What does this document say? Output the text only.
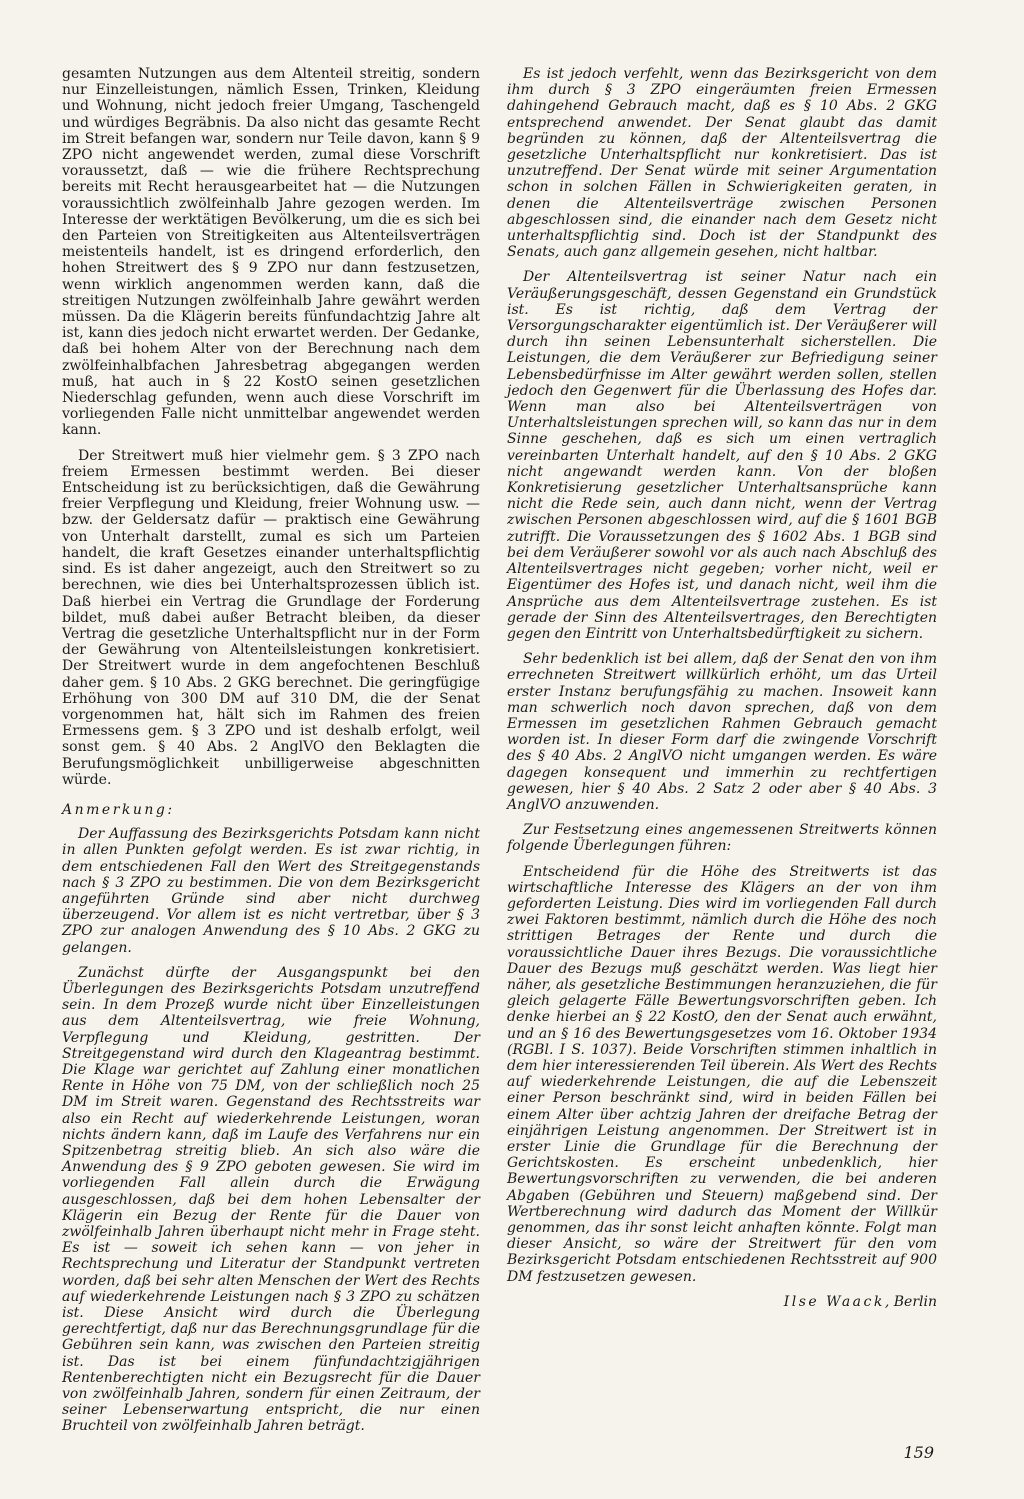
gesamten Nutzungen aus dem Altenteil streitig, sondern nur Einzelleistungen, nämlich Essen, Trinken, Kleidung und Wohnung, nicht jedoch freier Umgang, Taschengeld und würdiges Begräbnis. Da also nicht das gesamte Recht im Streit befangen war, sondern nur Teile davon, kann § 9 ZPO nicht angewendet werden, zumal diese Vorschrift voraussetzt, daß — wie die frühere Rechtsprechung bereits mit Recht herausgearbeitet hat — die Nutzungen voraussichtlich zwölfeinhalb Jahre gezogen werden. Im Interesse der werktätigen Bevölkerung, um die es sich bei den Parteien von Streitigkeiten aus Altenteilsverträgen meistenteils handelt, ist es dringend erforderlich, den hohen Streitwert des § 9 ZPO nur dann festzusetzen, wenn wirklich angenommen werden kann, daß die streitigen Nutzungen zwölfeinhalb Jahre gewährt werden müssen. Da die Klägerin bereits fünfundachtzig Jahre alt ist, kann dies jedoch nicht erwartet werden. Der Gedanke, daß bei hohem Alter von der Berechnung nach dem zwölfeinhalbfachen Jahresbetrag abgegangen werden muß, hat auch in § 22 KostO seinen gesetzlichen Niederschlag gefunden, wenn auch diese Vorschrift im vorliegenden Falle nicht unmittelbar angewendet werden kann.

Der Streitwert muß hier vielmehr gem. § 3 ZPO nach freiem Ermessen bestimmt werden. Bei dieser Entscheidung ist zu berücksichtigen, daß die Gewährung freier Verpflegung und Kleidung, freier Wohnung usw. — bzw. der Geldersatz dafür — praktisch eine Gewährung von Unterhalt darstellt, zumal es sich um Parteien handelt, die kraft Gesetzes einander unterhaltspflichtig sind. Es ist daher angezeigt, auch den Streitwert so zu berechnen, wie dies bei Unterhaltsprozessen üblich ist. Daß hierbei ein Vertrag die Grundlage der Forderung bildet, muß dabei außer Betracht bleiben, da dieser Vertrag die gesetzliche Unterhaltspflicht nur in der Form der Gewährung von Altenteilsleistungen konkretisiert. Der Streitwert wurde in dem angefochtenen Beschluß daher gem. § 10 Abs. 2 GKG berechnet. Die geringfügige Erhöhung von 300 DM auf 310 DM, die der Senat vorgenommen hat, hält sich im Rahmen des freien Ermessens gem. § 3 ZPO und ist deshalb erfolgt, weil sonst gem. § 40 Abs. 2 AnglVO den Beklagten die Berufungsmöglichkeit unbilligerweise abgeschnitten würde.

Anmerkung:

Der Auffassung des Bezirksgerichts Potsdam kann nicht in allen Punkten gefolgt werden. Es ist zwar richtig, in dem entschiedenen Fall den Wert des Streitgegenstands nach § 3 ZPO zu bestimmen. Die von dem Bezirksgericht angeführten Gründe sind aber nicht durchweg überzeugend. Vor allem ist es nicht vertretbar, über § 3 ZPO zur analogen Anwendung des § 10 Abs. 2 GKG zu gelangen.

Zunächst dürfte der Ausgangspunkt bei den Überlegungen des Bezirksgerichts Potsdam unzutreffend sein. In dem Prozeß wurde nicht über Einzelleistungen aus dem Altenteilsvertrag, wie freie Wohnung, Verpflegung und Kleidung, gestritten. Der Streitgegenstand wird durch den Klageantrag bestimmt. Die Klage war gerichtet auf Zahlung einer monatlichen Rente in Höhe von 75 DM, von der schließlich noch 25 DM im Streit waren. Gegenstand des Rechtsstreits war also ein Recht auf wiederkehrende Leistungen, woran nichts ändern kann, daß im Laufe des Verfahrens nur ein Spitzenbetrag streitig blieb. An sich also wäre die Anwendung des § 9 ZPO geboten gewesen. Sie wird im vorliegenden Fall allein durch die Erwägung ausgeschlossen, daß bei dem hohen Lebensalter der Klägerin ein Bezug der Rente für die Dauer von zwölfeinhalb Jahren überhaupt nicht mehr in Frage steht. Es ist — soweit ich sehen kann — von jeher in Rechtsprechung und Literatur der Standpunkt vertreten worden, daß bei sehr alten Menschen der Wert des Rechts auf wiederkehrende Leistungen nach § 3 ZPO zu schätzen ist. Diese Ansicht wird durch die Überlegung gerechtfertigt, daß nur das Berechnungsgrundlage für die Gebühren sein kann, was zwischen den Parteien streitig ist. Das ist bei einem fünfundachtzigjährigen Rentenberechtigten nicht ein Bezugsrecht für die Dauer von zwölfeinhalb Jahren, sondern für einen Zeitraum, der seiner Lebenserwartung entspricht, die nur einen Bruchteil von zwölfeinhalb Jahren beträgt.

Es ist jedoch verfehlt, wenn das Bezirksgericht von dem ihm durch § 3 ZPO eingeräumten freien Ermessen dahingehend Gebrauch macht, daß es § 10 Abs. 2 GKG entsprechend anwendet. Der Senat glaubt das damit begründen zu können, daß der Altenteilsvertrag die gesetzliche Unterhaltspflicht nur konkretisiert. Das ist unzutreffend. Der Senat würde mit seiner Argumentation schon in solchen Fällen in Schwierigkeiten geraten, in denen die Altenteilsverträge zwischen Personen abgeschlossen sind, die einander nach dem Gesetz nicht unterhaltspflichtig sind. Doch ist der Standpunkt des Senats, auch ganz allgemein gesehen, nicht haltbar.

Der Altenteilsvertrag ist seiner Natur nach ein Veräußerungsgeschäft, dessen Gegenstand ein Grundstück ist. Es ist richtig, daß dem Vertrag der Versorgungscharakter eigentümlich ist. Der Veräußerer will durch ihn seinen Lebensunterhalt sicherstellen. Die Leistungen, die dem Veräußerer zur Befriedigung seiner Lebensbedürfnisse im Alter gewährt werden sollen, stellen jedoch den Gegenwert für die Überlassung des Hofes dar. Wenn man also bei Altenteilsverträgen von Unterhaltsleistungen sprechen will, so kann das nur in dem Sinne geschehen, daß es sich um einen vertraglich vereinbarten Unterhalt handelt, auf den § 10 Abs. 2 GKG nicht angewandt werden kann. Von der bloßen Konkretisierung gesetzlicher Unterhaltsansprüche kann nicht die Rede sein, auch dann nicht, wenn der Vertrag zwischen Personen abgeschlossen wird, auf die § 1601 BGB zutrifft. Die Voraussetzungen des § 1602 Abs. 1 BGB sind bei dem Veräußerer sowohl vor als auch nach Abschluß des Altenteilsvertrages nicht gegeben; vorher nicht, weil er Eigentümer des Hofes ist, und danach nicht, weil ihm die Ansprüche aus dem Altenteilsvertrage zustehen. Es ist gerade der Sinn des Altenteilsvertrages, den Berechtigten gegen den Eintritt von Unterhaltsbedürftigkeit zu sichern.

Sehr bedenklich ist bei allem, daß der Senat den von ihm errechneten Streitwert willkürlich erhöht, um das Urteil erster Instanz berufungsfähig zu machen. Insoweit kann man schwerlich noch davon sprechen, daß von dem Ermessen im gesetzlichen Rahmen Gebrauch gemacht worden ist. In dieser Form darf die zwingende Vorschrift des § 40 Abs. 2 AnglVO nicht umgangen werden. Es wäre dagegen konsequent und immerhin zu rechtfertigen gewesen, hier § 40 Abs. 2 Satz 2 oder aber § 40 Abs. 3 AnglVO anzuwenden.

Zur Festsetzung eines angemessenen Streitwerts können folgende Überlegungen führen:

Entscheidend für die Höhe des Streitwerts ist das wirtschaftliche Interesse des Klägers an der von ihm geforderten Leistung. Dies wird im vorliegenden Fall durch zwei Faktoren bestimmt, nämlich durch die Höhe des noch strittigen Betrages der Rente und durch die voraussichtliche Dauer ihres Bezugs. Die voraussichtliche Dauer des Bezugs muß geschätzt werden. Was liegt hier näher, als gesetzliche Bestimmungen heranzuziehen, die für gleich gelagerte Fälle Bewertungsvorschriften geben. Ich denke hierbei an § 22 KostO, den der Senat auch erwähnt, und an § 16 des Bewertungsgesetzes vom 16. Oktober 1934 (RGBl. I S. 1037). Beide Vorschriften stimmen inhaltlich in dem hier interessierenden Teil überein. Als Wert des Rechts auf wiederkehrende Leistungen, die auf die Lebenszeit einer Person beschränkt sind, wird in beiden Fällen bei einem Alter über achtzig Jahren der dreifache Betrag der einjährigen Leistung angenommen. Der Streitwert ist in erster Linie die Grundlage für die Berechnung der Gerichtskosten. Es erscheint unbedenklich, hier Bewertungsvorschriften zu verwenden, die bei anderen Abgaben (Gebühren und Steuern) maßgebend sind. Der Wertberechnung wird dadurch das Moment der Willkür genommen, das ihr sonst leicht anhaften könnte. Folgt man dieser Ansicht, so wäre der Streitwert für den vom Bezirksgericht Potsdam entschiedenen Rechtsstreit auf 900 DM festzusetzen gewesen.

Ilse Waack, Berlin
159
